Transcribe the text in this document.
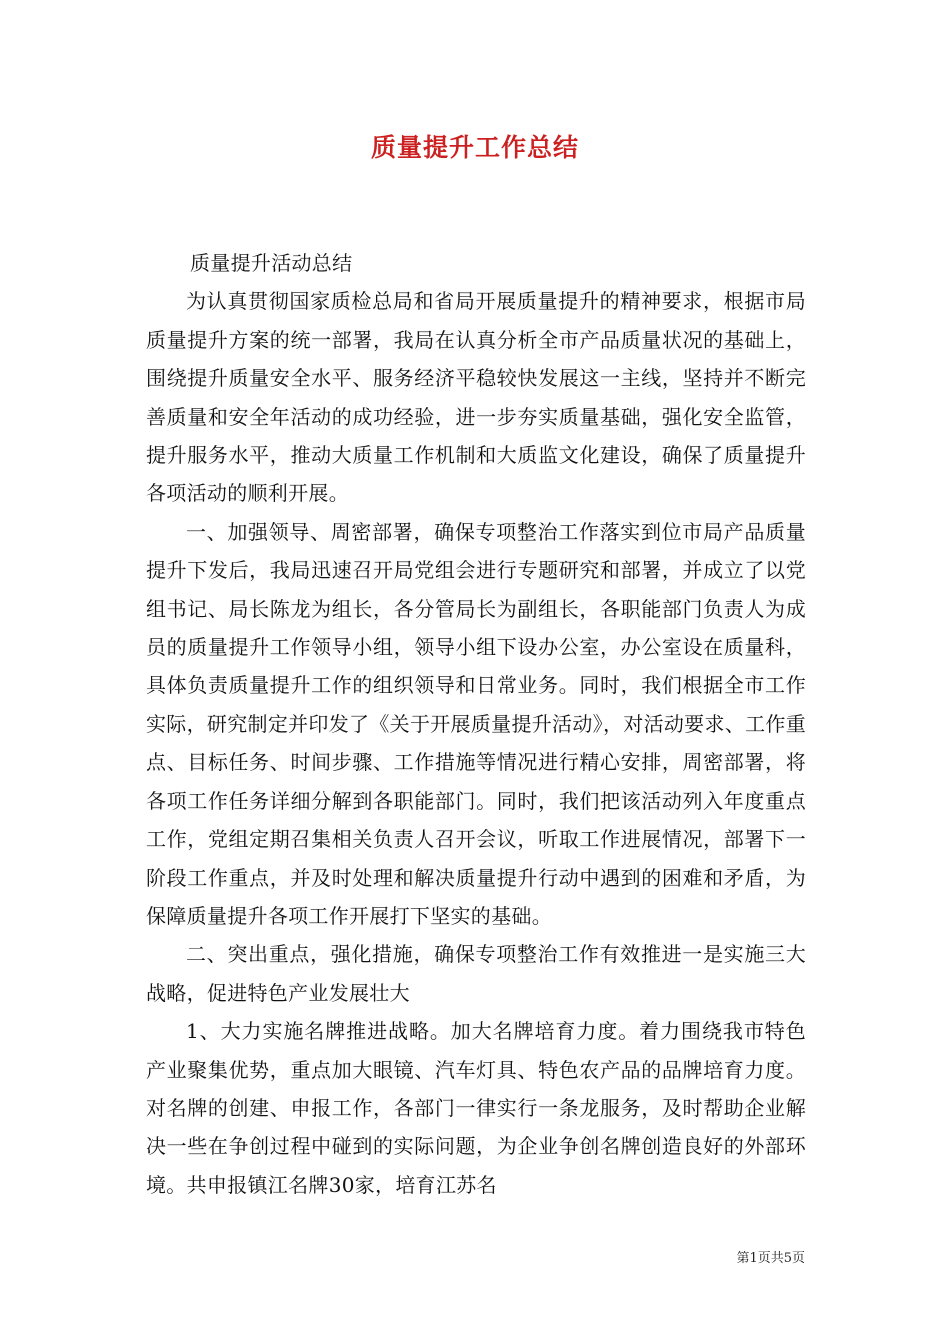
质量提升工作总结

质量提升活动总结

为认真贯彻国家质检总局和省局开展质量提升的精神要求，根据市局质量提升方案的统一部署，我局在认真分析全市产品质量状况的基础上，围绕提升质量安全水平、服务经济平稳较快发展这一主线，坚持并不断完善质量和安全年活动的成功经验，进一步夯实质量基础，强化安全监管，提升服务水平，推动大质量工作机制和大质监文化建设，确保了质量提升各项活动的顺利开展。

一、加强领导、周密部署，确保专项整治工作落实到位市局产品质量提升下发后，我局迅速召开局党组会进行专题研究和部署，并成立了以党组书记、局长陈龙为组长，各分管局长为副组长，各职能部门负责人为成员的质量提升工作领导小组，领导小组下设办公室，办公室设在质量科，具体负责质量提升工作的组织领导和日常业务。同时，我们根据全市工作实际，研究制定并印发了《关于开展质量提升活动》，对活动要求、工作重点、目标任务、时间步骤、工作措施等情况进行精心安排，周密部署，将各项工作任务详细分解到各职能部门。同时，我们把该活动列入年度重点工作，党组定期召集相关负责人召开会议，听取工作进展情况，部署下一阶段工作重点，并及时处理和解决质量提升行动中遇到的困难和矛盾，为保障质量提升各项工作开展打下坚实的基础。

二、突出重点，强化措施，确保专项整治工作有效推进一是实施三大战略，促进特色产业发展壮大

1、大力实施名牌推进战略。加大名牌培育力度。着力围绕我市特色产业聚集优势，重点加大眼镜、汽车灯具、特色农产品的品牌培育力度。对名牌的创建、申报工作，各部门一律实行一条龙服务，及时帮助企业解决一些在争创过程中碰到的实际问题，为企业争创名牌创造良好的外部环境。共申报镇江名牌30家，培育江苏名

第1页共5页
